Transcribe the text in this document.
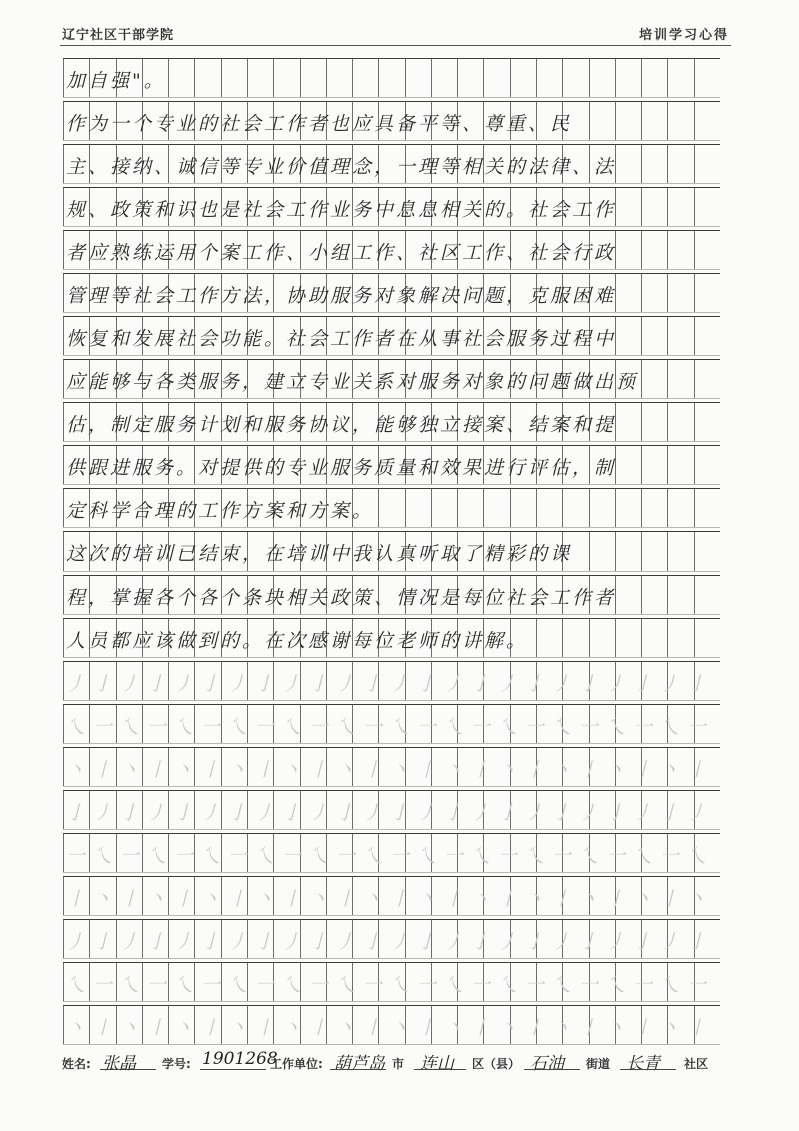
辽宁社区干部学院	培训学习心得
丿亅丿亅丿亅丿亅丿亅丿亅丿亅丿亅丿亅丿亅丿亅丿亅
乀一乀一乀一乀一乀一乀一乀一乀一乀一乀一乀一乀一
丶丨丶丨丶丨丶丨丶丨丶丨丶丨丶丨丶丨丶丨丶丨丶丨
亅丿亅丿亅丿亅丿亅丿亅丿亅丿亅丿亅丿亅丿亅丿亅丿
一乀一乀一乀一乀一乀一乀一乀一乀一乀一乀一乀一乀
丨丶丨丶丨丶丨丶丨丶丨丶丨丶丨丶丨丶丨丶丨丶丨丶
丿亅丿亅丿亅丿亅丿亅丿亅丿亅丿亅丿亅丿亅丿亅丿亅
乀一乀一乀一乀一乀一乀一乀一乀一乀一乀一乀一乀一
丶丨丶丨丶丨丶丨丶丨丶丨丶丨丶丨丶丨丶丨丶丨丶丨
加自强"。
作为一个专业的社会工作者也应具备平等、尊重、民
主、接纳、诚信等专业价值理念，一理等相关的法律、法
规、政策和识也是社会工作业务中息息相关的。社会工作
者应熟练运用个案工作、小组工作、社区工作、社会行政
管理等社会工作方法，协助服务对象解决问题，克服困难
恢复和发展社会功能。社会工作者在从事社会服务过程中
应能够与各类服务，建立专业关系对服务对象的问题做出预
估，制定服务计划和服务协议，能够独立接案、结案和提
供跟进服务。对提供的专业服务质量和效果进行评估，制
定科学合理的工作方案和方案。
这次的培训已结束，在培训中我认真听取了精彩的课
程，掌握各个各个条块相关政策、情况是每位社会工作者
人员都应该做到的。在次感谢每位老师的讲解。
姓名: 张晶 学号: 1901268
工作单位: 葫芦岛 市 连山 区（县） 石油 街道 长青 社区
